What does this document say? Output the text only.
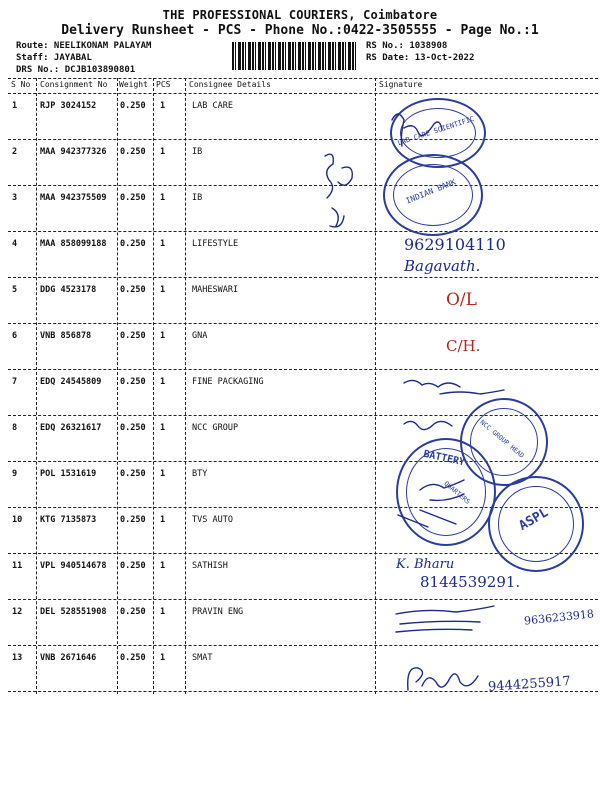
THE PROFESSIONAL COURIERS, Coimbatore
Delivery Runsheet - PCS - Phone No.:0422-3505555 - Page No.:1
Route: NEELIKONAM PALAYAM
Staff: JAYABAL
DRS No.: DCJB103890801
RS No.: 1038908
RS Date: 13-Oct-2022
S No Consignment No Weight PCS Consignee Details	Signature
1	RJP 3024152	0.250 1	LAB CARE
2	MAA 942377326 0.250 1	IB
3	MAA 942375509 0.250 1	IB
4	MAA 858099188 0.250 1	LIFESTYLE
5	DDG 4523178	0.250 1	MAHESWARI
6	VNB 856878	0.250 1	GNA
7	EDQ 24545809 0.250 1	FINE PACKAGING
8	EDQ 26321617 0.250 1	NCC GROUP
9	POL 1531619	0.250 1	BTY
10 KTG 7135873	0.250 1	TVS AUTO
11 VPL 940514678 0.250 1	SATHISH
12 DEL 528551908 0.250 1	PRAVIN ENG
13 VNB 2671646	0.250 1	SMAT
LAB CARE SCIENTIFIC
INDIAN BANK
NCC GROUP HEAD QUARTERS
BATTERY
ASPL
9629104110
Bagavath.
O/L
C/H.
K. Bharu
8144539291.
9636233918
9444255917
